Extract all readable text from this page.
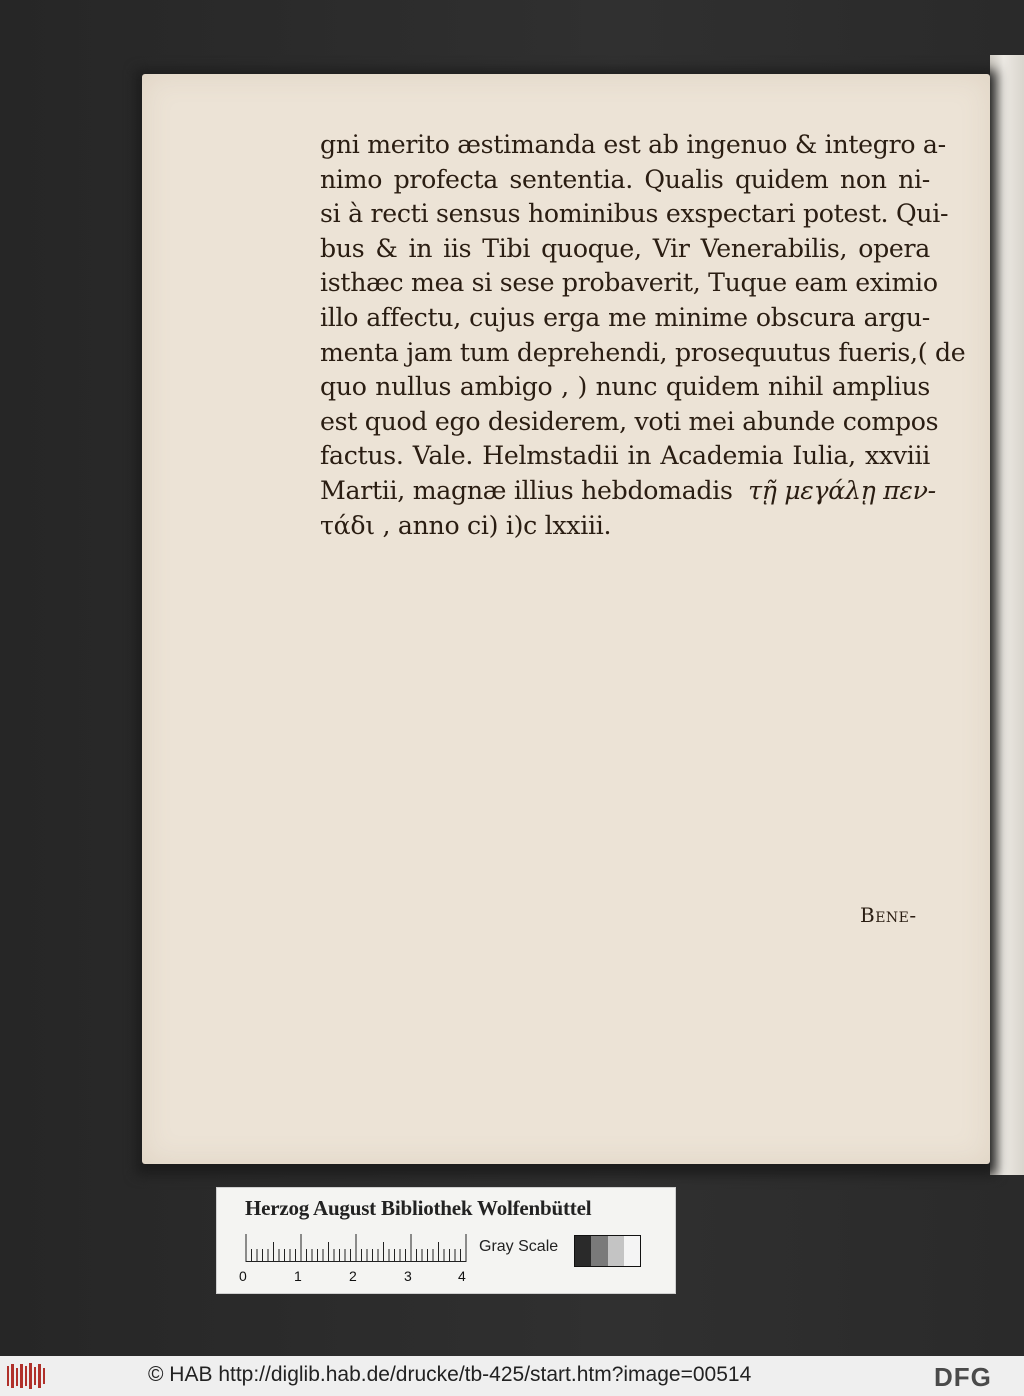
gni merito æstimanda est ab ingenuo & integro a-
nimo profecta sententia. Qualis quidem non ni-
si à recti sensus hominibus exspectari potest. Qui-
bus & in iis Tibi quoque, Vir Venerabilis, opera
isthæc mea si sese probaverit, Tuque eam eximio
illo affectu, cujus erga me minime obscura argu-
menta jam tum deprehendi, prosequutus fueris,( de
quo nullus ambigo , ) nunc quidem nihil amplius
est quod ego desiderem, voti mei abunde compos
factus. Vale. Helmstadii in Academia Iulia, xxviii
Martii, magnæ illius hebdomadis τῇ μεγάλῃ πεν-
τάδι , anno ci) i)c lxxiii.
Bene-
Herzog August Bibliothek Wolfenbüttel
0	1	2	3	4
Gray Scale
© HAB http://diglib.hab.de/drucke/tb-425/start.htm?image=00514	DFG
